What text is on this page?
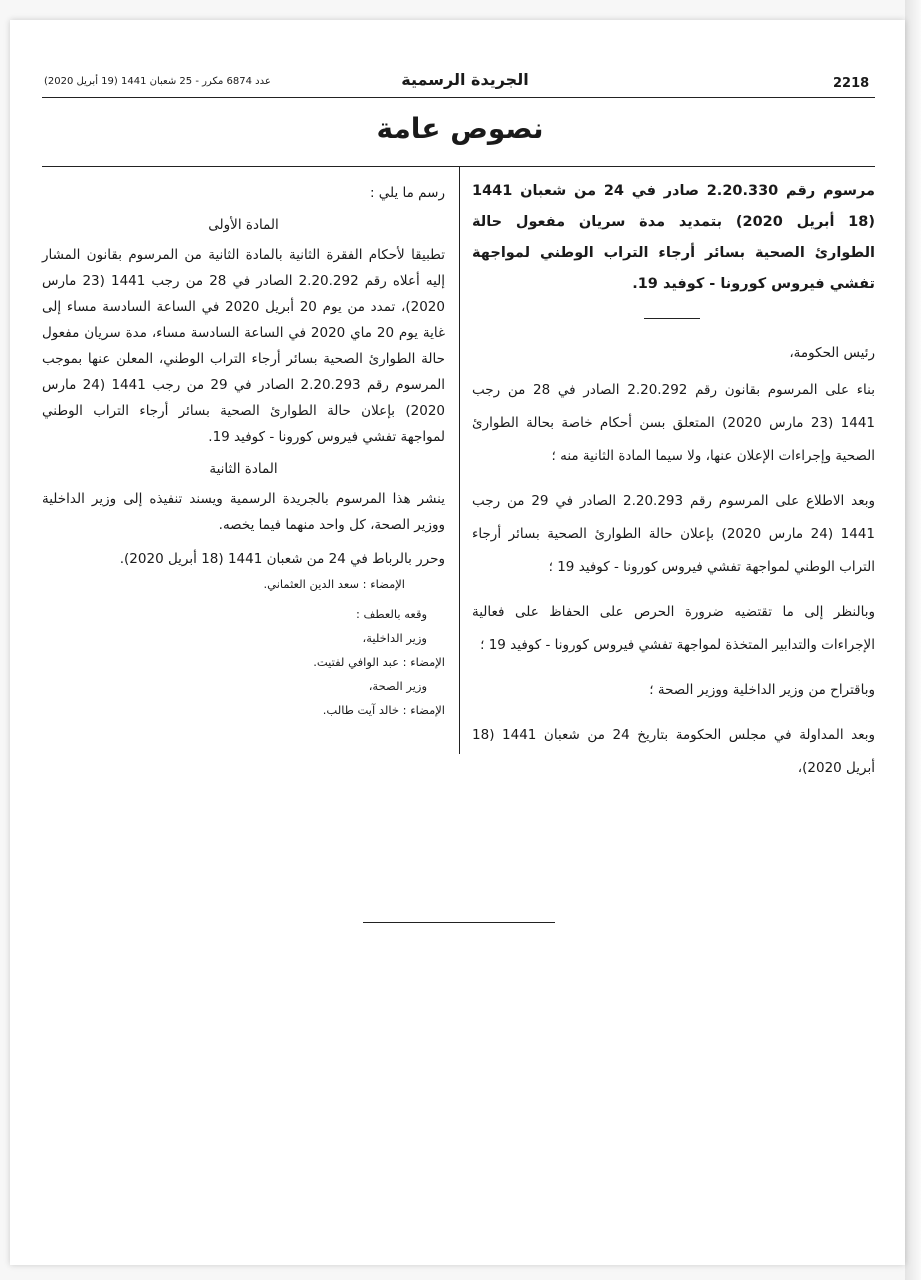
2218
الجريدة الرسمية
عدد 6874 مكرر - 25 شعبان 1441 (19 أبريل 2020)
نصوص عامة

مرسوم رقم 2.20.330 صادر في 24 من شعبان 1441 (18 أبريل 2020) بتمديد مدة سريان مفعول حالة الطوارئ الصحية بسائر أرجاء التراب الوطني لمواجهة تفشي فيروس كورونا - كوفيد 19.

رئيس الحكومة،

بناء على المرسوم بقانون رقم 2.20.292 الصادر في 28 من رجب 1441 (23 مارس 2020) المتعلق بسن أحكام خاصة بحالة الطوارئ الصحية وإجراءات الإعلان عنها، ولا سيما المادة الثانية منه ؛

وبعد الاطلاع على المرسوم رقم 2.20.293 الصادر في 29 من رجب 1441 (24 مارس 2020) بإعلان حالة الطوارئ الصحية بسائر أرجاء التراب الوطني لمواجهة تفشي فيروس كورونا - كوفيد 19 ؛

وبالنظر إلى ما تقتضيه ضرورة الحرص على الحفاظ على فعالية الإجراءات والتدابير المتخذة لمواجهة تفشي فيروس كورونا - كوفيد 19 ؛

وباقتراح من وزير الداخلية ووزير الصحة ؛

وبعد المداولة في مجلس الحكومة بتاريخ 24 من شعبان 1441 (18 أبريل 2020)،

رسم ما يلي :

المادة الأولى

تطبيقا لأحكام الفقرة الثانية بالمادة الثانية من المرسوم بقانون المشار إليه أعلاه رقم 2.20.292 الصادر في 28 من رجب 1441 (23 مارس 2020)، تمدد من يوم 20 أبريل 2020 في الساعة السادسة مساء إلى غاية يوم 20 ماي 2020 في الساعة السادسة مساء، مدة سريان مفعول حالة الطوارئ الصحية بسائر أرجاء التراب الوطني، المعلن عنها بموجب المرسوم رقم 2.20.293 الصادر في 29 من رجب 1441 (24 مارس 2020) بإعلان حالة الطوارئ الصحية بسائر أرجاء التراب الوطني لمواجهة تفشي فيروس كورونا - كوفيد 19.

المادة الثانية

ينشر هذا المرسوم بالجريدة الرسمية ويسند تنفيذه إلى وزير الداخلية ووزير الصحة، كل واحد منهما فيما يخصه.

وحرر بالرباط في 24 من شعبان 1441 (18 أبريل 2020).

الإمضاء : سعد الدين العثماني.

وقعه بالعطف :

وزير الداخلية،

الإمضاء : عبد الوافي لفتيت.

وزير الصحة،

الإمضاء : خالد آيت طالب.
